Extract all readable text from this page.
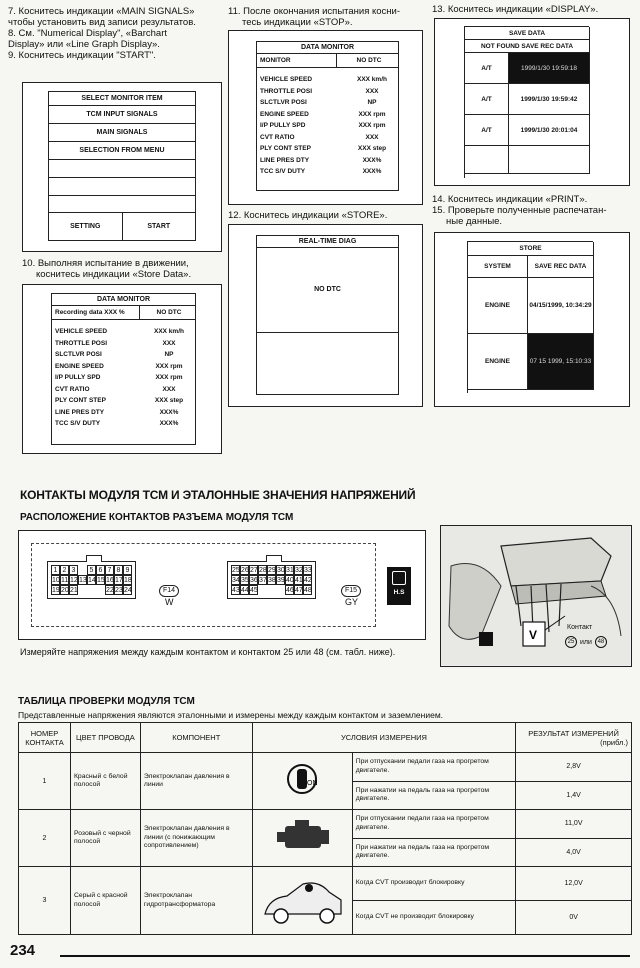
7. Коснитесь индикации «MAIN SIGNALS»
чтобы установить вид записи результатов.
8. См. "Numerical Display", «Barchart
Display» или «Line Graph Display».
9. Коснитесь индикации "START".
SELECT MONITOR ITEM
TCM INPUT SIGNALS
MAIN SIGNALS
SELECTION FROM MENU
SETTING	START
10. Выполняя испытание в движении,
коснитесь индикации «Store Data».
DATA MONITOR
Recording data XXX %	NO DTC
VEHICLE SPEED	XXX km/h
THROTTLE POSI	XXX
SLCTLVR POSI	NP
ENGINE SPEED	XXX rpm
I/P PULLY SPD	XXX rpm
CVT RATIO	XXX
PLY CONT STEP	XXX step
LINE PRES DTY	XXX%
TCC S/V DUTY	XXX%
11. После окончания испытания косни-
тесь индикации «STOP».
DATA MONITOR
MONITOR	NO DTC
VEHICLE SPEED	XXX km/h
THROTTLE POSI	XXX
SLCTLVR POSI	NP
ENGINE SPEED	XXX rpm
I/P PULLY SPD	XXX rpm
CVT RATIO	XXX
PLY CONT STEP	XXX step
LINE PRES DTY	XXX%
TCC S/V DUTY	XXX%
12. Коснитесь индикации «STORE».
REAL-TIME DIAG
NO DTC
13. Коснитесь индикации «DISPLAY».
SAVE DATA
NOT FOUND SAVE REC DATA
A/T	1999/1/30 19:59:18
A/T	1999/1/30 19:59:42
A/T	1999/1/30 20:01:04
14. Коснитесь индикации «PRINT».
15. Проверьте полученные распечатан-
ные данные.
STORE
SYSTEM	SAVE REC DATA
ENGINE	04/15/1999, 10:34:29
ENGINE	07 15 1999, 15:10:33
КОНТАКТЫ МОДУЛЯ ТСМ И ЭТАЛОННЫЕ ЗНАЧЕНИЯ НАПРЯЖЕНИЙ
РАСПОЛОЖЕНИЕ КОНТАКТОВ РАЗЪЕМА МОДУЛЯ ТСМ
1 2 3	5 6 7 8 9
10 11 12 13 14 15 16 17 18
19 20 21	22 23 24	F14
W
25 26 27 28 29 30 31 32 33
34 35 36 37 38 39 40 41 42
43 44 45	46 47 48	F15
GY
H.S
V
Контакт
25 или 48
Измеряйте напряжения между каждым контактом и контактом 25 или 48 (см. табл. ниже).
ТАБЛИЦА ПРОВЕРКИ МОДУЛЯ ТСМ
Представленные напряжения являются эталонными и измерены между каждым контактом и заземлением.
НОМЕР КОНТАКТА	ЦВЕТ ПРОВОДА	КОМПОНЕНТ	УСЛОВИЯ ИЗМЕРЕНИЯ		РЕЗУЛЬТАТ ИЗМЕРЕНИЙ
(прибл.)

1	Красный с белой полосой	Электроклапан давления в линии	ON	При отпускании педали газа на прогретом двигателе.	2,8V
				При нажатии на педаль газа на прогретом двигателе.	1,4V
2	Розовый с черной полосой	Электроклапан давления в линии (с понижающим сопротивлением)		При отпускании педали газа на прогретом двигателе.	11,0V
				При нажатии на педаль газа на прогретом двигателе.	4,0V
3	Серый с красной полосой	Электроклапан гидротрансформатора		Когда CVT производит блокировку	12,0V
				Когда CVT не производит блокировку	0V
234
